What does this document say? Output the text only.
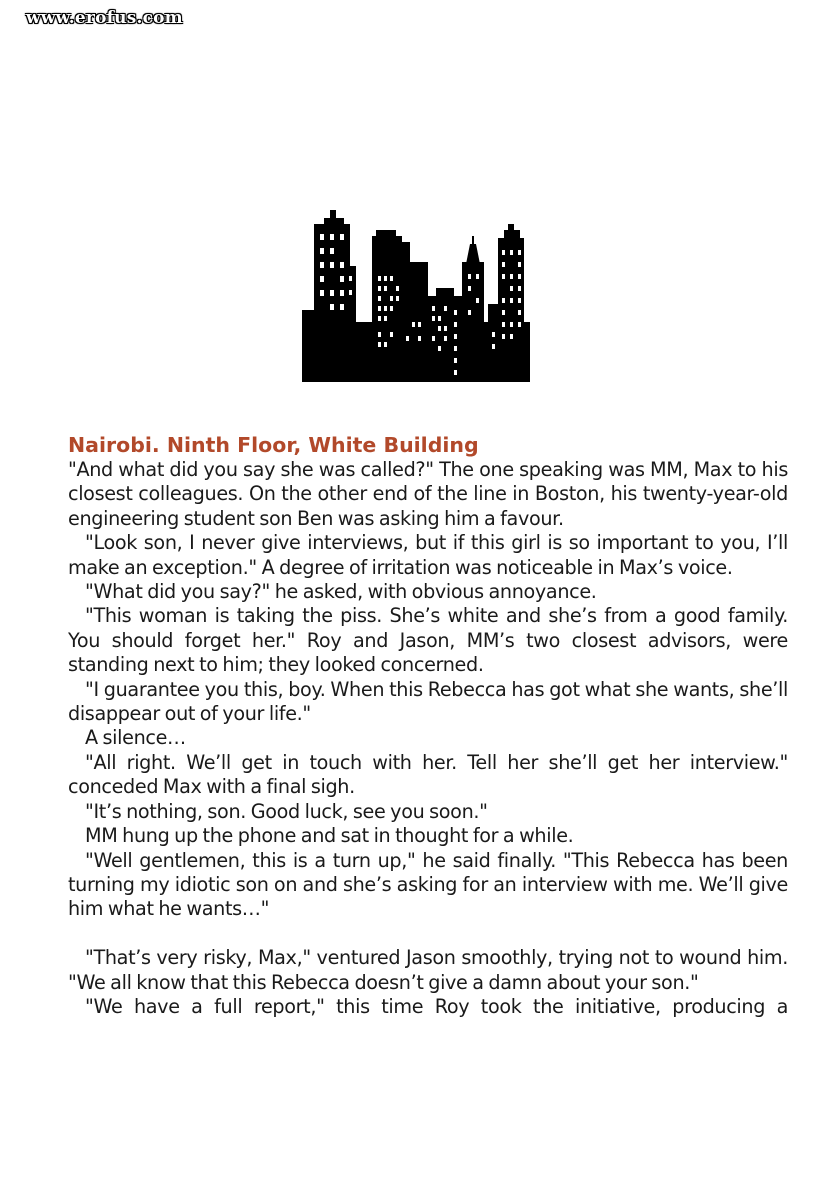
www.erofus.com
Nairobi. Ninth Floor, White Building

"And what did you say she was called?" The one speaking was MM, Max to his closest colleagues. On the other end of the line in Boston, his twenty-year-old engineering student son Ben was asking him a favour.

"Look son, I never give interviews, but if this girl is so important to you, I’ll make an exception." A degree of irritation was noticeable in Max’s voice.

"What did you say?" he asked, with obvious annoyance.

"This woman is taking the piss. She’s white and she’s from a good family. You should forget her." Roy and Jason, MM’s two closest advisors, were standing next to him; they looked concerned.

"I guarantee you this, boy. When this Rebecca has got what she wants, she’ll disappear out of your life."

A silence…

"All right. We’ll get in touch with her. Tell her she’ll get her interview." conceded Max with a final sigh.

"It’s nothing, son. Good luck, see you soon."

MM hung up the phone and sat in thought for a while.

"Well gentlemen, this is a turn up," he said finally. "This Rebecca has been turning my idiotic son on and she’s asking for an interview with me. We’ll give him what he wants…"

"That’s very risky, Max," ventured Jason smoothly, trying not to wound him. "We all know that this Rebecca doesn’t give a damn about your son."

"We have a full report," this time Roy took the initiative, producing a
